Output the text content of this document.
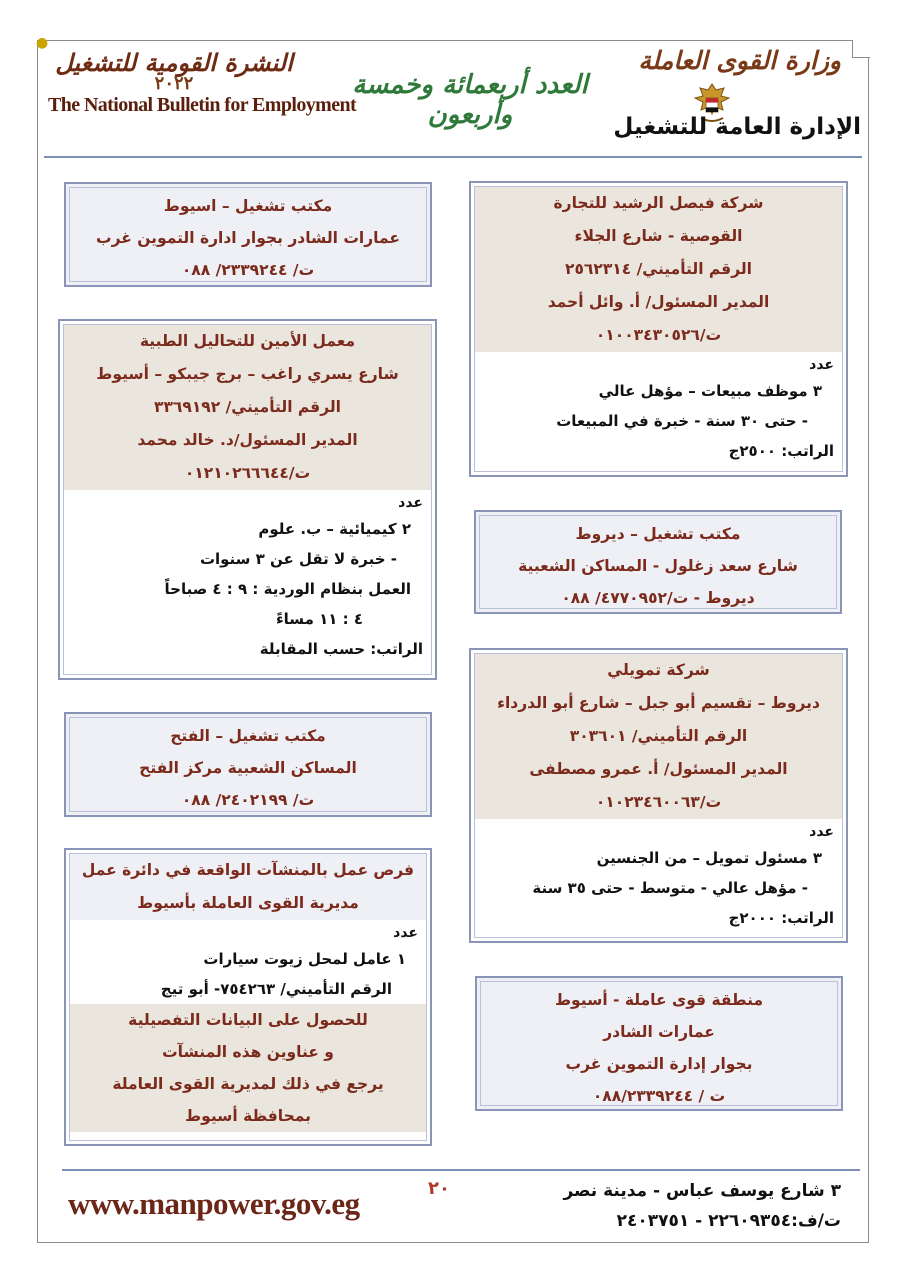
●
وزارة القوى العاملة
الإدارة العامة للتشغيل
العدد أربعمائة وخمسة وأربعون
النشرة القومية للتشغيل
٢٠٢٢
The National Bulletin for Employment
شركة فيصل الرشيد للتجارة
القوصية - شارع الجلاء
الرقم التأميني/ ٢٥٦٢٣١٤
المدير المسئول/ أ. وائل أحمد
ت/٠١٠٠٣٤٣٠٥٢٦
عدد
٣ موظف مبيعات – مؤهل عالي
- حتى ٣٠ سنة - خبرة في المبيعات
الراتب: ٢٥٠٠ج
مكتب تشغيل – ديروط
شارع سعد زغلول - المساكن الشعبية
ديروط - ت/٤٧٧٠٩٥٢/ ٠٨٨
شركة تمويلي
ديروط – تقسيم أبو جبل – شارع أبو الدرداء
الرقم التأميني/ ٣٠٣٦٠١
المدير المسئول/ أ. عمرو مصطفى
ت/٠١٠٢٣٤٦٠٠٦٣
عدد
٣ مسئول تمويل – من الجنسين
- مؤهل عالي - متوسط - حتى ٣٥ سنة
الراتب: ٢٠٠٠ج
منطقة قوى عاملة - أسيوط
عمارات الشادر
بجوار إدارة التموين غرب
ت / ٠٨٨/٢٣٣٩٢٤٤
مكتب تشغيل – اسيوط
عمارات الشادر بجوار ادارة التموين غرب
ت/ ٢٣٣٩٢٤٤/ ٠٨٨
معمل الأمين للتحاليل الطبية
شارع يسري راغب – برج جيبكو – أسيوط
الرقم التأميني/ ٣٣٦٩١٩٢
المدير المسئول/د. خالد محمد
ت/٠١٢١٠٢٦٦٦٤٤
عدد
٢ كيميائية – ب. علوم
- خبرة لا تقل عن ٣ سنوات
العمل بنظام الوردية : ٩ : ٤ صباحاً
٤ : ١١ مساءً
الراتب: حسب المقابلة
مكتب تشغيل – الفتح
المساكن الشعبية مركز الفتح
ت/ ٢٤٠٢١٩٩/ ٠٨٨
فرص عمل بالمنشآت الواقعة في دائرة عمل
مديرية القوى العاملة بأسيوط
عدد
١ عامل لمحل زيوت سيارات
الرقم التأميني/ ٧٥٤٢٦٣- أبو تيج
للحصول على البيانات التفصيلية
و عناوين هذه المنشآت
يرجع في ذلك لمديرية القوى العاملة
بمحافظة أسيوط
٢٠
www.manpower.gov.eg	٣ شارع يوسف عباس - مدينة نصر
ت/ف:٢٢٦٠٩٣٥٤ - ٢٤٠٣٧٥١
